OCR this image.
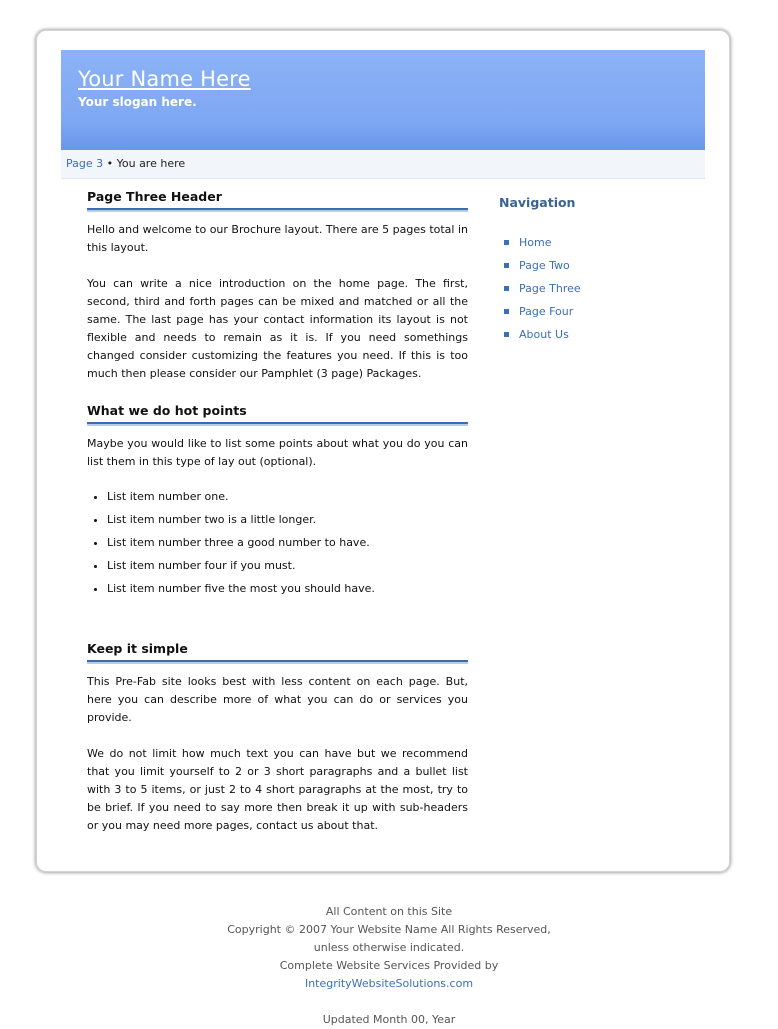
Your Name Here
Your slogan here.
Page 3 • You are here
Page Three Header

Hello and welcome to our Brochure layout. There are 5 pages total in this layout.

You can write a nice introduction on the home page. The first, second, third and forth pages can be mixed and matched or all the same. The last page has your contact information its layout is not flexible and needs to remain as it is. If you need somethings changed consider customizing the features you need. If this is too much then please consider our Pamphlet (3 page) Packages.

What we do hot points

Maybe you would like to list some points about what you do you can list them in this type of lay out (optional).

• List item number one.
• List item number two is a little longer.
• List item number three a good number to have.
• List item number four if you must.
• List item number five the most you should have.
Keep it simple

This Pre-Fab site looks best with less content on each page. But, here you can describe more of what you can do or services you provide.

We do not limit how much text you can have but we recommend that you limit yourself to 2 or 3 short paragraphs and a bullet list with 3 to 5 items, or just 2 to 4 short paragraphs at the most, try to be brief. If you need to say more then break it up with sub-headers or you may need more pages, contact us about that.

Navigation
Home
Page Two
Page Three
Page Four
About Us
All Content on this Site
Copyright © 2007 Your Website Name All Rights Reserved,
unless otherwise indicated.
Complete Website Services Provided by
IntegrityWebsiteSolutions.com
Updated Month 00, Year
